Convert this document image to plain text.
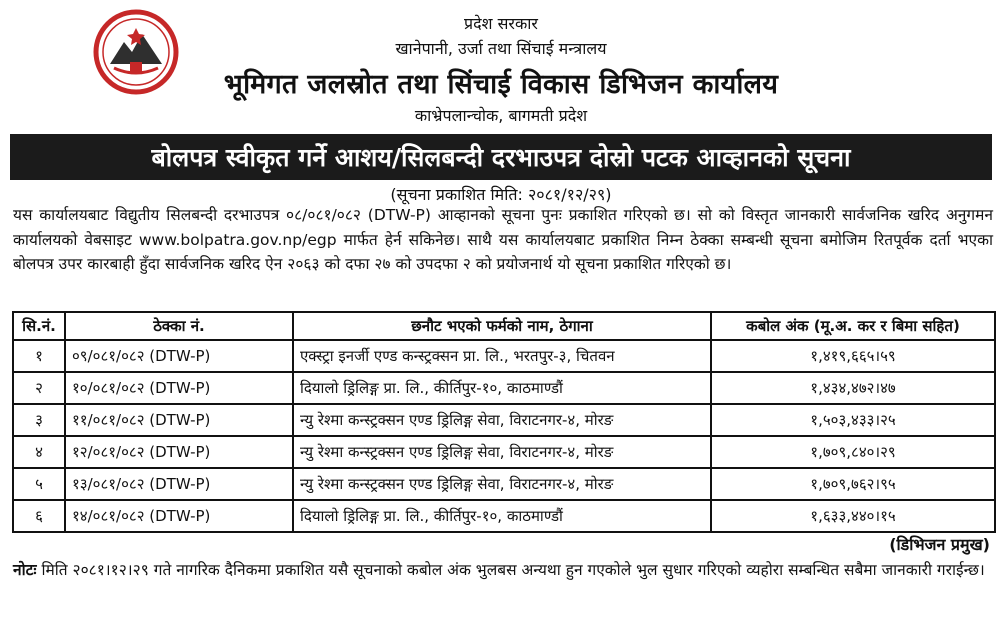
प्रदेश सरकार
खानेपानी, उर्जा तथा सिंचाई मन्त्रालय
भूमिगत जलस्रोत तथा सिंचाई विकास डिभिजन कार्यालय
काभ्रेपलान्चोक, बागमती प्रदेश
बोलपत्र स्वीकृत गर्ने आशय/सिलबन्दी दरभाउपत्र दोस्रो पटक आव्हानको सूचना
(सूचना प्रकाशित मिति: २०८१/१२/२९)
यस कार्यालयबाट विद्युतीय सिलबन्दी दरभाउपत्र ०८/०८१/०८२ (DTW-P) आव्हानको सूचना पुनः प्रकाशित गरिएको छ। सो को विस्तृत जानकारी सार्वजनिक खरिद अनुगमन कार्यालयको वेबसाइट www.bolpatra.gov.np/egp मार्फत हेर्न सकिनेछ। साथै यस कार्यालयबाट प्रकाशित निम्न ठेक्का सम्बन्धी सूचना बमोजिम रितपूर्वक दर्ता भएका बोलपत्र उपर कारबाही हुँदा सार्वजनिक खरिद ऐन २०६३ को दफा २७ को उपदफा २ को प्रयोजनार्थ यो सूचना प्रकाशित गरिएको छ।
सि.नं.	ठेक्का नं.	छनौट भएको फर्मको नाम, ठेगाना	कबोल अंक (मू.अ. कर र बिमा सहित)
१	०९/०८१/०८२ (DTW-P)	एक्स्ट्रा इनर्जी एण्ड कन्स्ट्रक्सन प्रा. लि., भरतपुर-३, चितवन	१,४१९,६६५।५९
२	१०/०८१/०८२ (DTW-P)	दियालो ड्रिलिङ्ग प्रा. लि., कीर्तिपुर-१०, काठमाण्डौं	१,४३४,४७२।४७
३	११/०८१/०८२ (DTW-P)	न्यु रेश्मा कन्स्ट्रक्सन एण्ड ड्रिलिङ्ग सेवा, विराटनगर-४, मोरङ	१,५०३,४३३।२५
४	१२/०८१/०८२ (DTW-P)	न्यु रेश्मा कन्स्ट्रक्सन एण्ड ड्रिलिङ्ग सेवा, विराटनगर-४, मोरङ	१,७०९,८४०।२९
५	१३/०८१/०८२ (DTW-P)	न्यु रेश्मा कन्स्ट्रक्सन एण्ड ड्रिलिङ्ग सेवा, विराटनगर-४, मोरङ	१,७०९,७६२।९५
६	१४/०८१/०८२ (DTW-P)	दियालो ड्रिलिङ्ग प्रा. लि., कीर्तिपुर-१०, काठमाण्डौं	१,६३३,४४०।१५
(डिभिजन प्रमुख)
नोटः मिति २०८१।१२।२९ गते नागरिक दैनिकमा प्रकाशित यसै सूचनाको कबोल अंक भुलबस अन्यथा हुन गएकोले भुल सुधार गरिएको व्यहोरा सम्बन्धित सबैमा जानकारी गराईन्छ।
